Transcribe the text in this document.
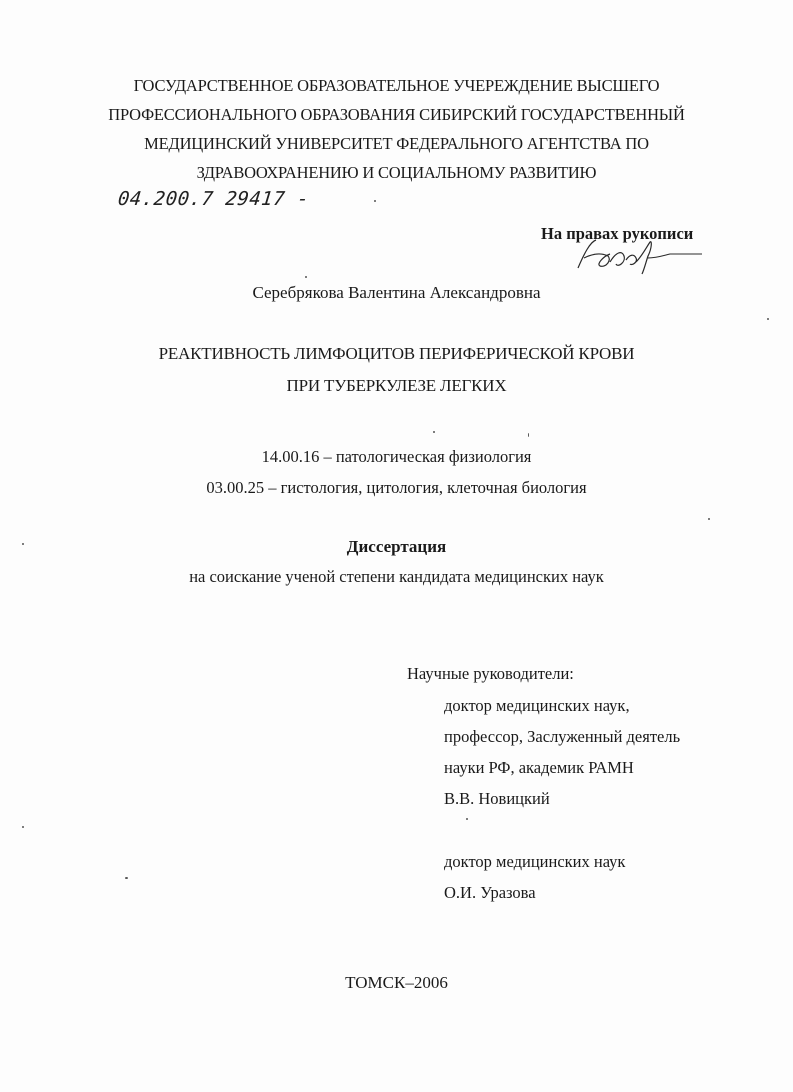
ГОСУДАРСТВЕННОЕ ОБРАЗОВАТЕЛЬНОЕ УЧЕРЕЖДЕНИЕ ВЫСШЕГО
ПРОФЕССИОНАЛЬНОГО ОБРАЗОВАНИЯ СИБИРСКИЙ ГОСУДАРСТВЕННЫЙ
МЕДИЦИНСКИЙ УНИВЕРСИТЕТ ФЕДЕРАЛЬНОГО АГЕНТСТВА ПО
ЗДРАВООХРАНЕНИЮ И СОЦИАЛЬНОМУ РАЗВИТИЮ
04.200.7 29417 -
На правах рукописи
Серебрякова Валентина Александровна
РЕАКТИВНОСТЬ ЛИМФОЦИТОВ ПЕРИФЕРИЧЕСКОЙ КРОВИ
ПРИ ТУБЕРКУЛЕЗЕ ЛЕГКИХ
14.00.16 – патологическая физиология
03.00.25 – гистология, цитология, клеточная биология
Диссертация
на соискание ученой степени кандидата медицинских наук
Научные руководители:
доктор медицинских наук,
профессор, Заслуженный деятель
науки РФ, академик РАМН
В.В. Новицкий
доктор медицинских наук
О.И. Уразова
ТОМСК–2006
